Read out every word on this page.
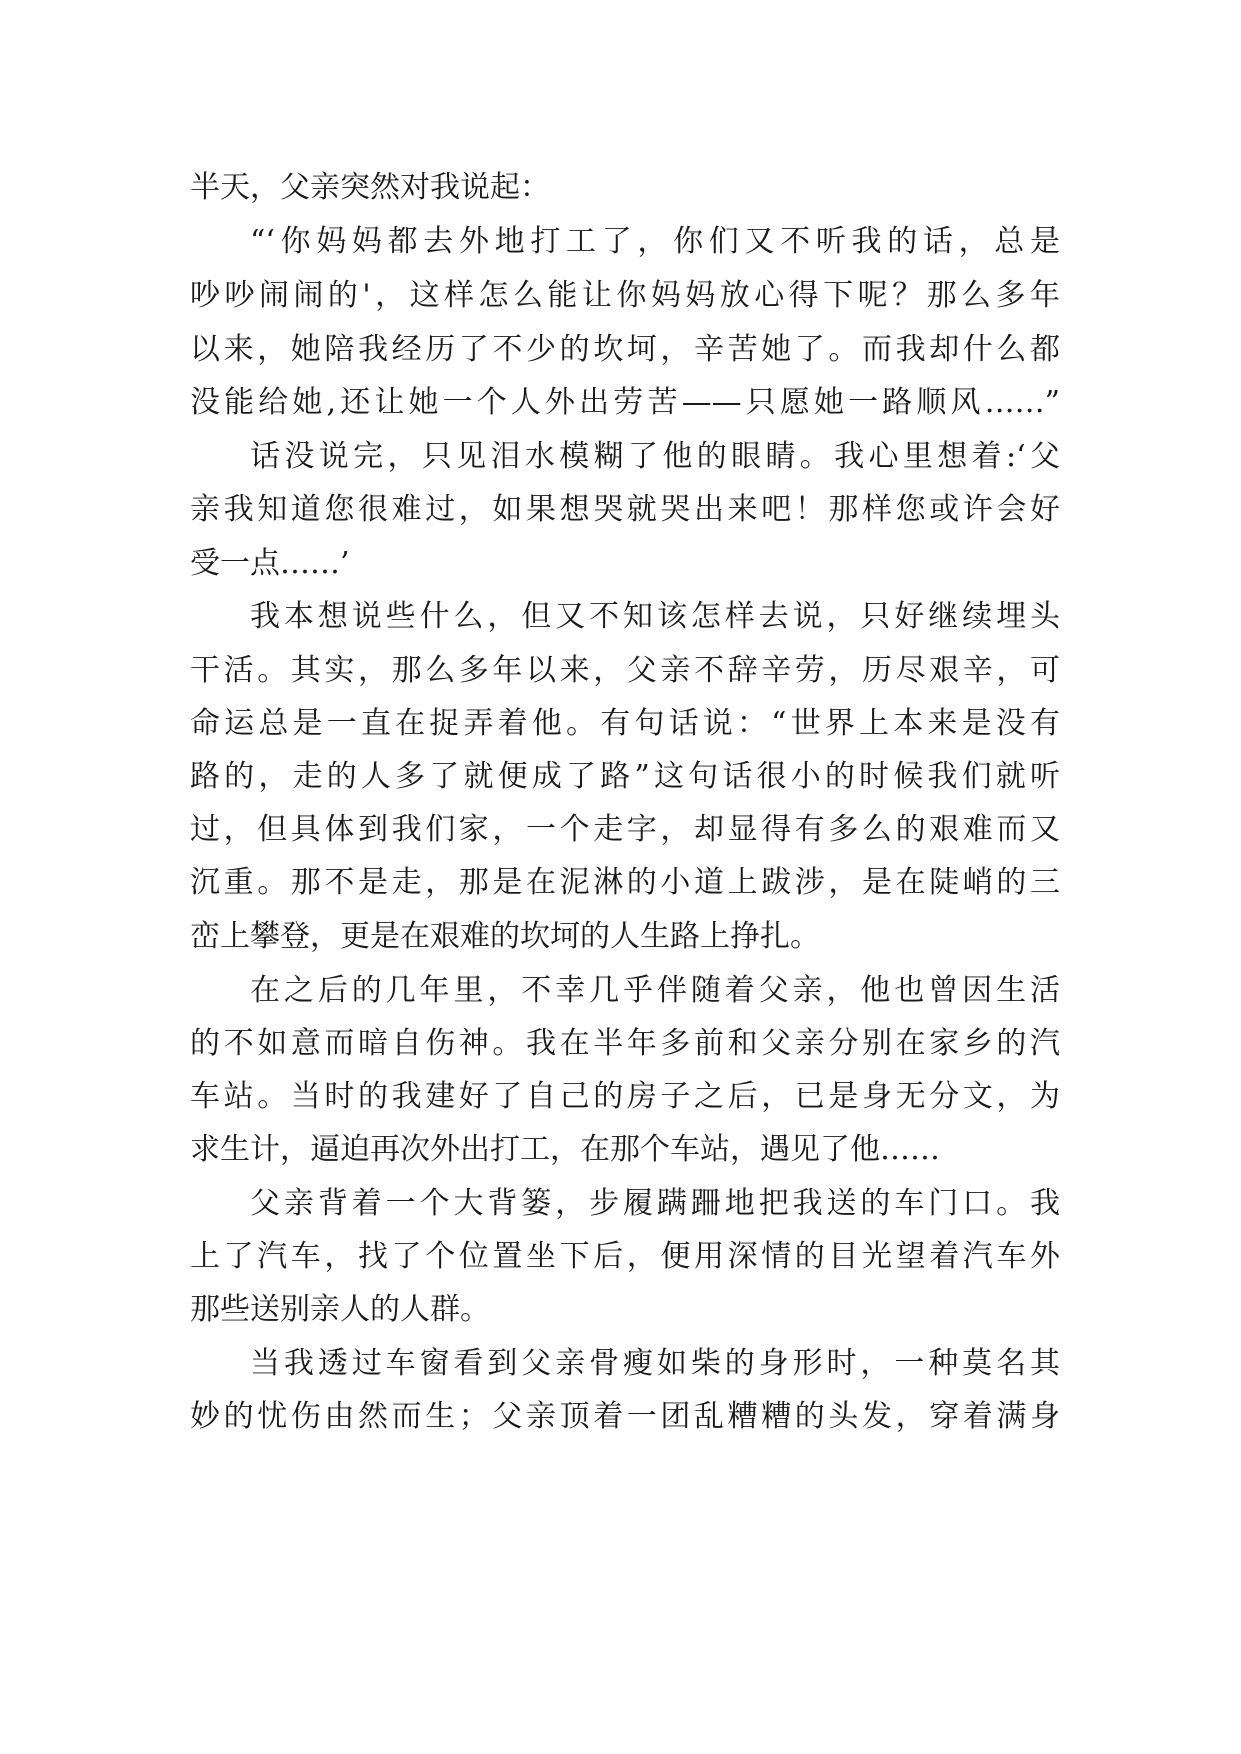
半天，父亲突然对我说起：
“‘你妈妈都去外地打工了，你们又不听我的话，总是
吵吵闹闹的'，这样怎么能让你妈妈放心得下呢？那么多年
以来，她陪我经历了不少的坎坷，辛苦她了。而我却什么都
没能给她,还让她一个人外出劳苦——只愿她一路顺风……”
话没说完，只见泪水模糊了他的眼睛。我心里想着:‘父
亲我知道您很难过，如果想哭就哭出来吧！那样您或许会好
受一点……’
我本想说些什么，但又不知该怎样去说，只好继续埋头
干活。其实，那么多年以来，父亲不辞辛劳，历尽艰辛，可
命运总是一直在捉弄着他。有句话说：“世界上本来是没有
路的，走的人多了就便成了路”这句话很小的时候我们就听
过，但具体到我们家，一个走字，却显得有多么的艰难而又
沉重。那不是走，那是在泥淋的小道上跋涉，是在陡峭的三
峦上攀登，更是在艰难的坎坷的人生路上挣扎。
在之后的几年里，不幸几乎伴随着父亲，他也曾因生活
的不如意而暗自伤神。我在半年多前和父亲分别在家乡的汽
车站。当时的我建好了自己的房子之后，已是身无分文，为
求生计，逼迫再次外出打工，在那个车站，遇见了他……
父亲背着一个大背篓，步履蹒跚地把我送的车门口。我
上了汽车，找了个位置坐下后，便用深情的目光望着汽车外
那些送别亲人的人群。
当我透过车窗看到父亲骨瘦如柴的身形时，一种莫名其
妙的忧伤由然而生；父亲顶着一团乱糟糟的头发，穿着满身
